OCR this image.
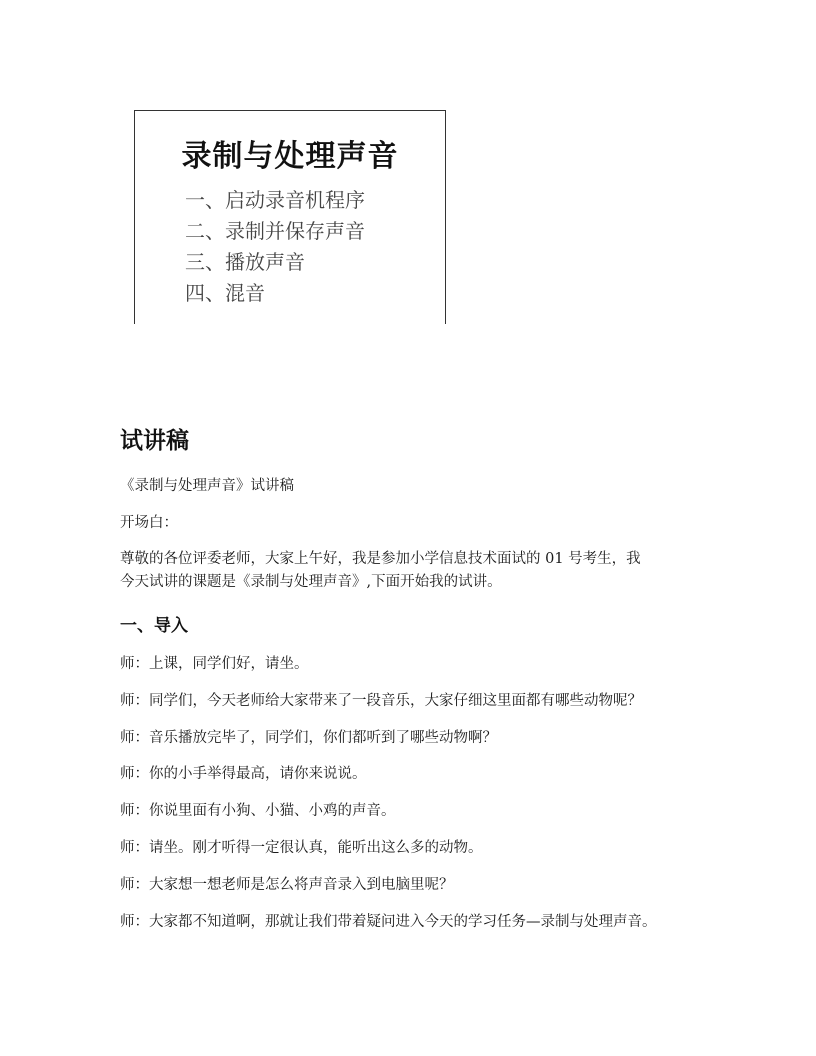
录制与处理声音
一、启动录音机程序
二、录制并保存声音
三、播放声音
四、混音
试讲稿
《录制与处理声音》试讲稿
开场白：
尊敬的各位评委老师，大家上午好，我是参加小学信息技术面试的 01 号考生，我
今天试讲的课题是《录制与处理声音》,下面开始我的试讲。
一、导入
师：上课，同学们好，请坐。
师：同学们，今天老师给大家带来了一段音乐，大家仔细这里面都有哪些动物呢？
师：音乐播放完毕了，同学们，你们都听到了哪些动物啊？
师：你的小手举得最高，请你来说说。
师：你说里面有小狗、小猫、小鸡的声音。
师：请坐。刚才听得一定很认真，能听出这么多的动物。
师：大家想一想老师是怎么将声音录入到电脑里呢？
师：大家都不知道啊，那就让我们带着疑问进入今天的学习任务—录制与处理声音。
